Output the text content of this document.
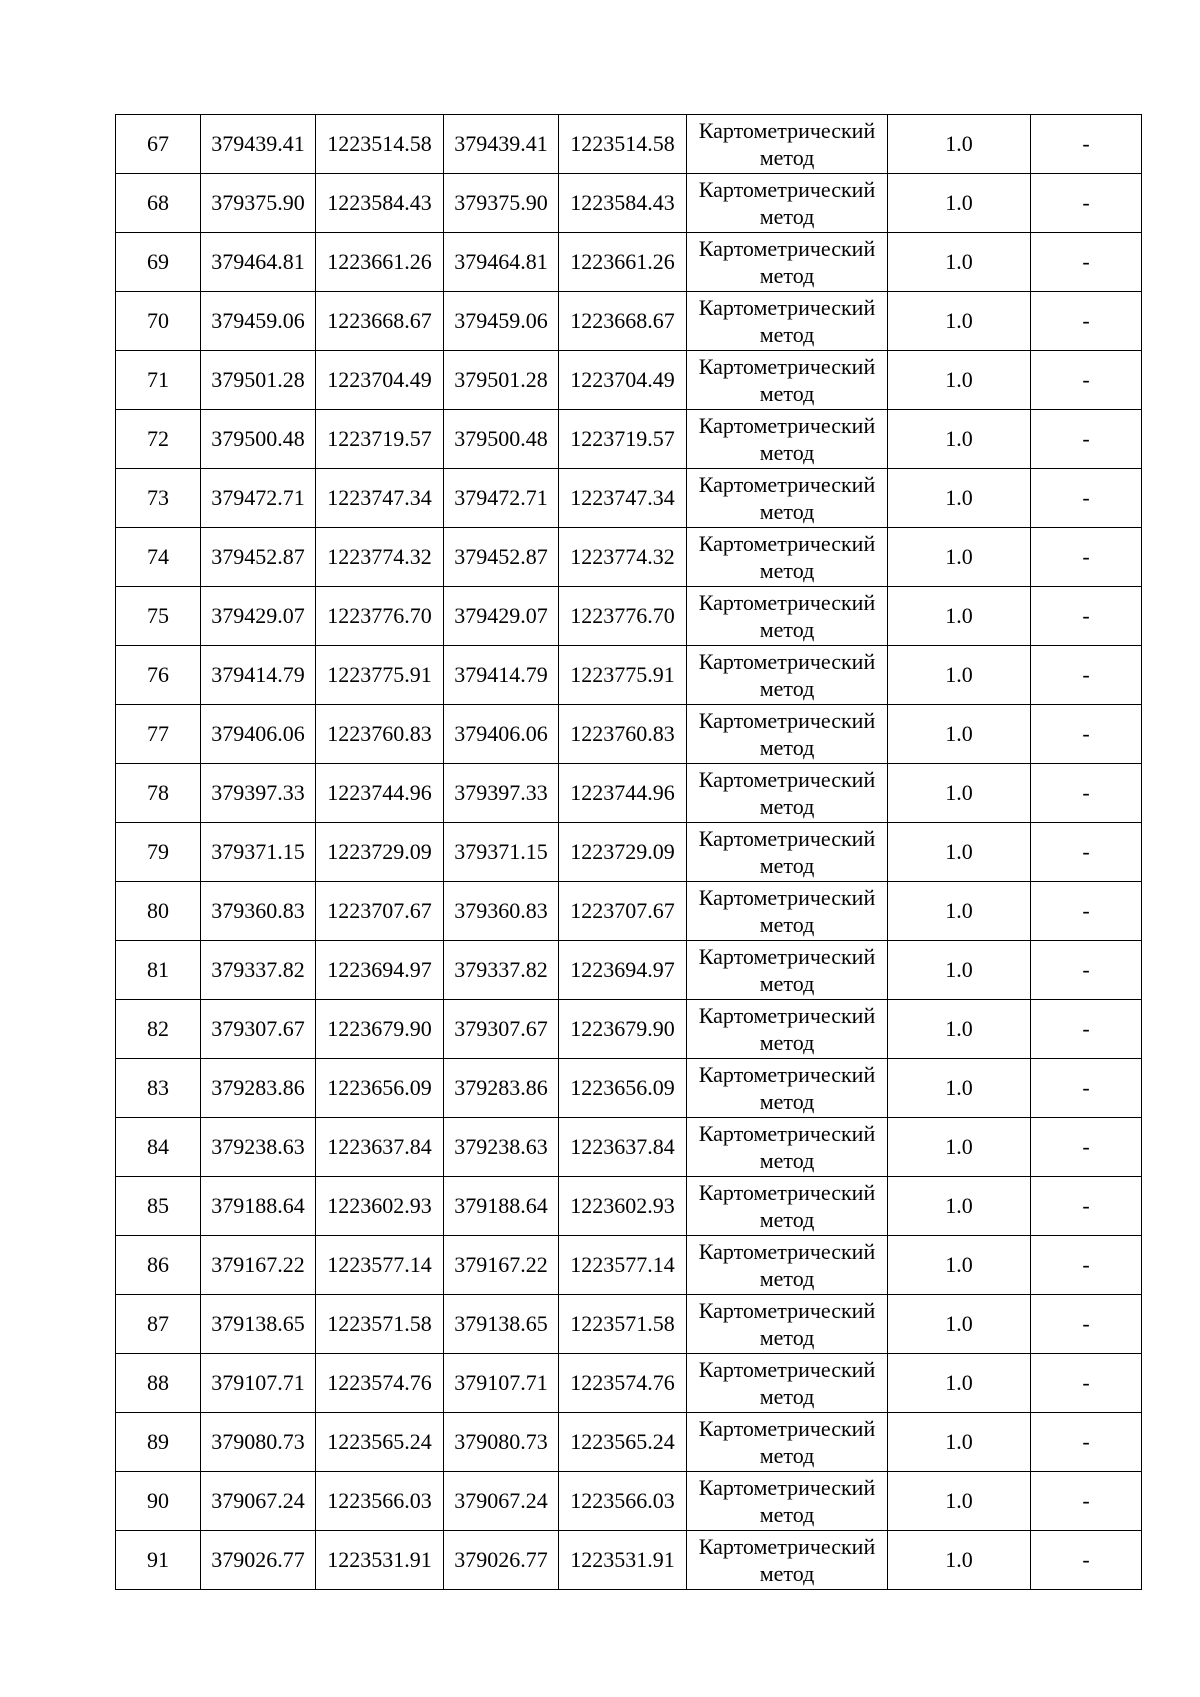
67	379439.41	1223514.58	379439.41	1223514.58	Картометрический
метод	1.0	-
68	379375.90	1223584.43	379375.90	1223584.43	Картометрический
метод	1.0	-
69	379464.81	1223661.26	379464.81	1223661.26	Картометрический
метод	1.0	-
70	379459.06	1223668.67	379459.06	1223668.67	Картометрический
метод	1.0	-
71	379501.28	1223704.49	379501.28	1223704.49	Картометрический
метод	1.0	-
72	379500.48	1223719.57	379500.48	1223719.57	Картометрический
метод	1.0	-
73	379472.71	1223747.34	379472.71	1223747.34	Картометрический
метод	1.0	-
74	379452.87	1223774.32	379452.87	1223774.32	Картометрический
метод	1.0	-
75	379429.07	1223776.70	379429.07	1223776.70	Картометрический
метод	1.0	-
76	379414.79	1223775.91	379414.79	1223775.91	Картометрический
метод	1.0	-
77	379406.06	1223760.83	379406.06	1223760.83	Картометрический
метод	1.0	-
78	379397.33	1223744.96	379397.33	1223744.96	Картометрический
метод	1.0	-
79	379371.15	1223729.09	379371.15	1223729.09	Картометрический
метод	1.0	-
80	379360.83	1223707.67	379360.83	1223707.67	Картометрический
метод	1.0	-
81	379337.82	1223694.97	379337.82	1223694.97	Картометрический
метод	1.0	-
82	379307.67	1223679.90	379307.67	1223679.90	Картометрический
метод	1.0	-
83	379283.86	1223656.09	379283.86	1223656.09	Картометрический
метод	1.0	-
84	379238.63	1223637.84	379238.63	1223637.84	Картометрический
метод	1.0	-
85	379188.64	1223602.93	379188.64	1223602.93	Картометрический
метод	1.0	-
86	379167.22	1223577.14	379167.22	1223577.14	Картометрический
метод	1.0	-
87	379138.65	1223571.58	379138.65	1223571.58	Картометрический
метод	1.0	-
88	379107.71	1223574.76	379107.71	1223574.76	Картометрический
метод	1.0	-
89	379080.73	1223565.24	379080.73	1223565.24	Картометрический
метод	1.0	-
90	379067.24	1223566.03	379067.24	1223566.03	Картометрический
метод	1.0	-
91	379026.77	1223531.91	379026.77	1223531.91	Картометрический
метод	1.0	-
